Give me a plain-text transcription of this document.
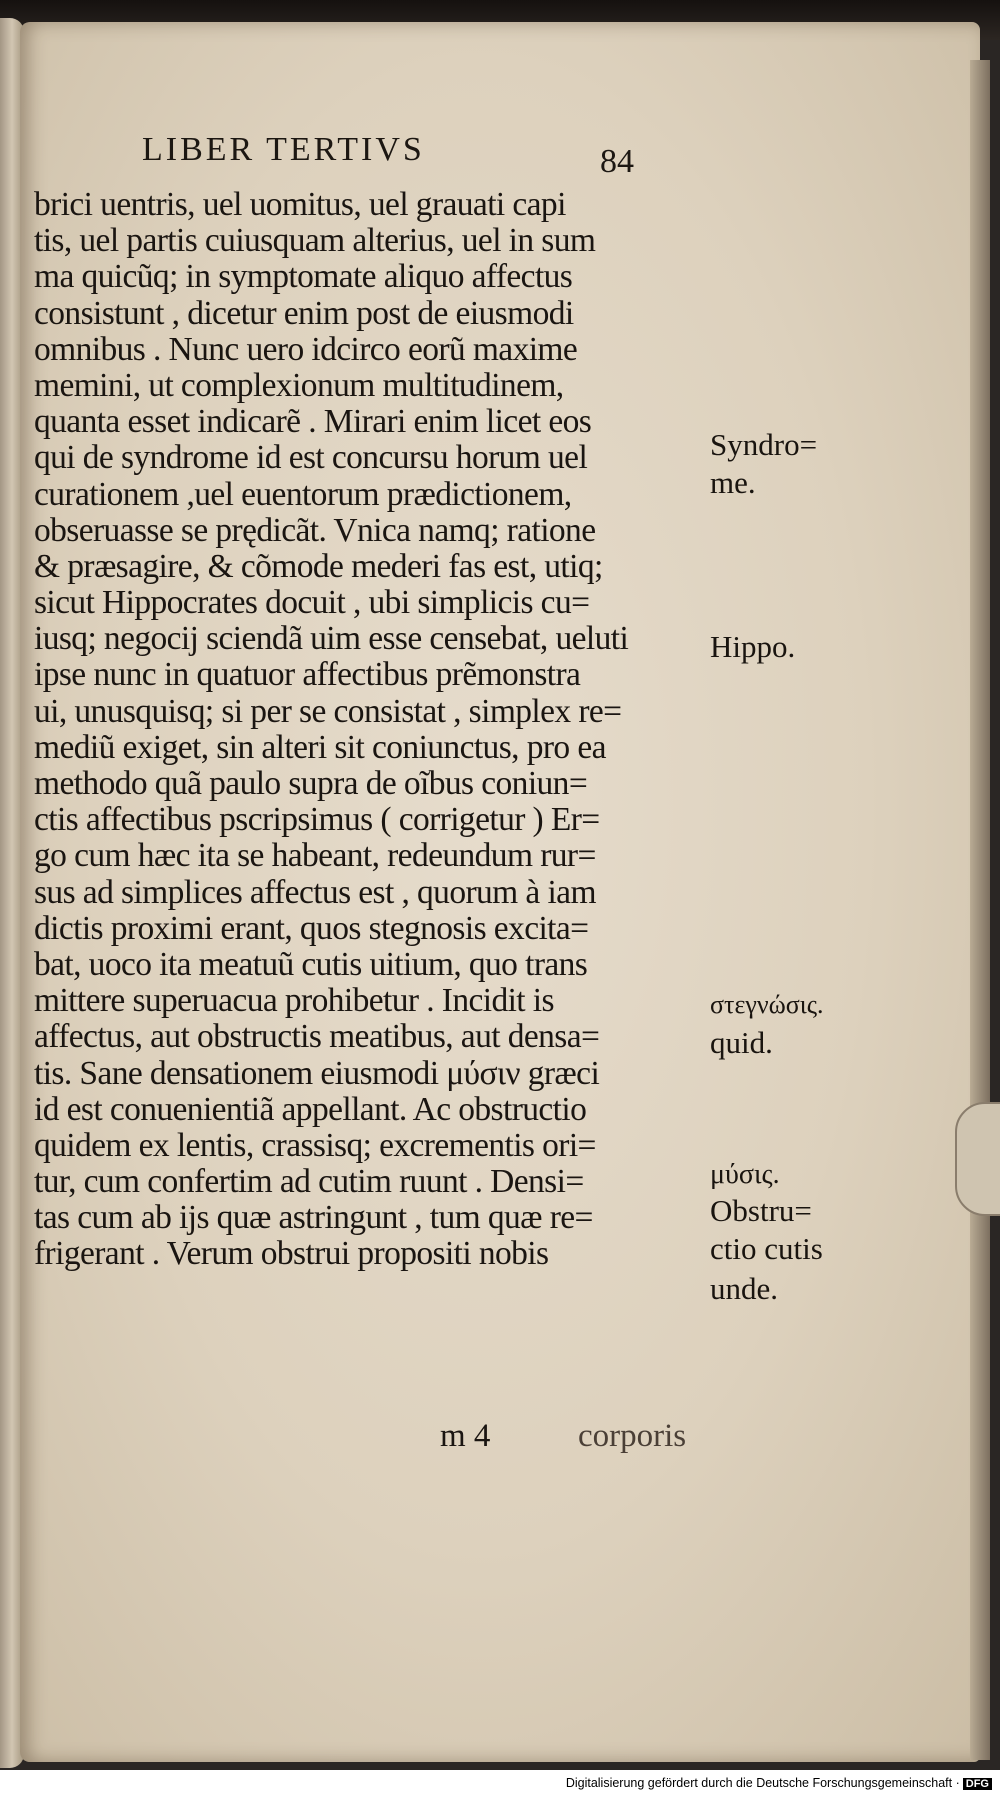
LIBER TERTIVS	84
brici uentris, uel uomitus, uel grauati capi
tis, uel partis cuiusquam alterius, uel in sum
ma quicũq; in symptomate aliquo affectus
consistunt , dicetur enim post de eiusmodi
omnibus . Nunc uero idcirco eorũ maxime
memini, ut complexionum multitudinem,
quanta esset indicarẽ . Mirari enim licet eos
qui de syndrome id est concursu horum uel
curationem ,uel euentorum prædictionem,
obseruasse se prędicãt. Vnica namq; ratione
& præsagire, & cõmode mederi fas est, utiq;
sicut Hippocrates docuit , ubi simplicis cu=
iusq; negocij sciendã uim esse censebat, ueluti
ipse nunc in quatuor affectibus prẽmonstra
ui, unusquisq; si per se consistat , simplex re=
mediũ exiget, sin alteri sit coniunctus, pro ea
methodo quã paulo supra de oĩbus coniun=
ctis affectibus pscripsimus ( corrigetur ) Er=
go cum hæc ita se habeant, redeundum rur=
sus ad simplices affectus est , quorum à iam
dictis proximi erant, quos stegnosis excita=
bat, uoco ita meatuũ cutis uitium, quo trans
mittere superuacua prohibetur . Incidit is
affectus, aut obstructis meatibus, aut densa=
tis. Sane densationem eiusmodi μύσιν græci
id est conuenientiã appellant. Ac obstructio
quidem ex lentis, crassisq; excrementis ori=
tur, cum confertim ad cutim ruunt . Densi=
tas cum ab ijs quæ astringunt , tum quæ re=
frigerant . Verum obstrui propositi nobis
Syndro=
me.
Hippo.
στεγνώσις.
quid.
μύσις.
Obstru=
ctio cutis
unde.
m 4	corporis
Digitalisierung gefördert durch die Deutsche Forschungsgemeinschaft · DFG
